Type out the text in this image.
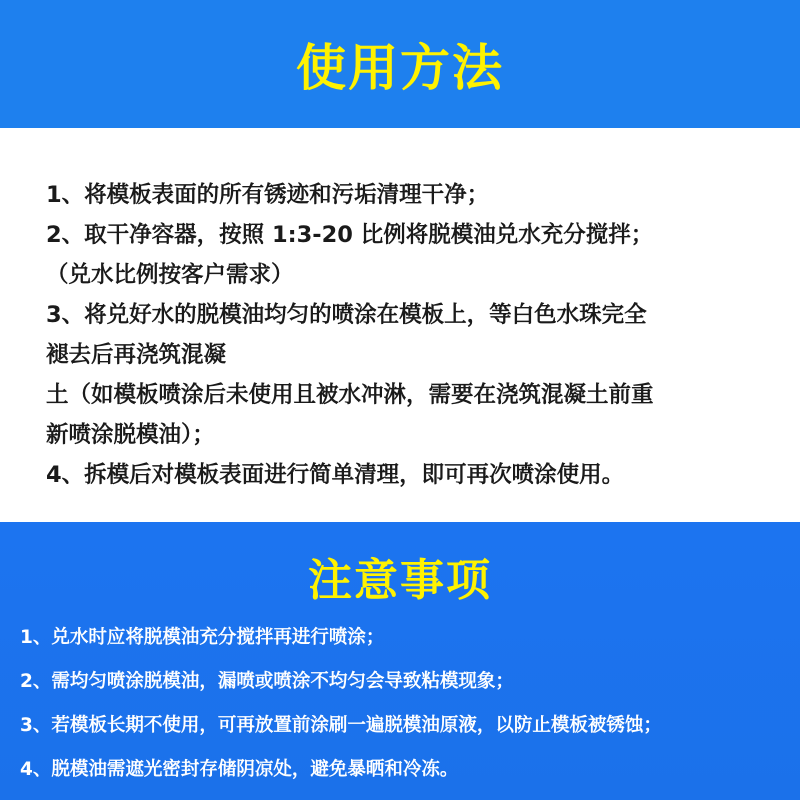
使用方法
1、将模板表面的所有锈迹和污垢清理干净；
2、取干净容器，按照 1:3-20 比例将脱模油兑水充分搅拌；
（兑水比例按客户需求）
3、将兑好水的脱模油均匀的喷涂在模板上，等白色水珠完全
褪去后再浇筑混凝
土（如模板喷涂后未使用且被水冲淋，需要在浇筑混凝土前重
新喷涂脱模油）；
4、拆模后对模板表面进行简单清理，即可再次喷涂使用。
注意事项
1、兑水时应将脱模油充分搅拌再进行喷涂；
2、需均匀喷涂脱模油，漏喷或喷涂不均匀会导致粘模现象；
3、若模板长期不使用，可再放置前涂刷一遍脱模油原液，以防止模板被锈蚀；
4、脱模油需遮光密封存储阴凉处，避免暴晒和冷冻。
